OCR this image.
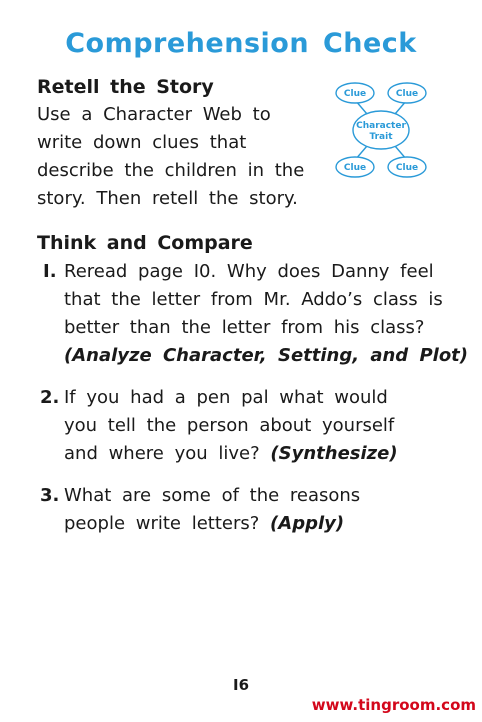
Comprehension Check
Retell the Story
Use a Character Web to
write down clues that
describe the children in the
story. Then retell the story.
Clue	Clue
Character
Trait
Clue	Clue
Think and Compare
I. Reread page I0. Why does Danny feel
that the letter from Mr. Addo’s class is
better than the letter from his class?
(Analyze Character, Setting, and Plot)
2. If you had a pen pal what would
you tell the person about yourself
and where you live? (Synthesize)
3. What are some of the reasons
people write letters? (Apply)
I6
www.tingroom.com
